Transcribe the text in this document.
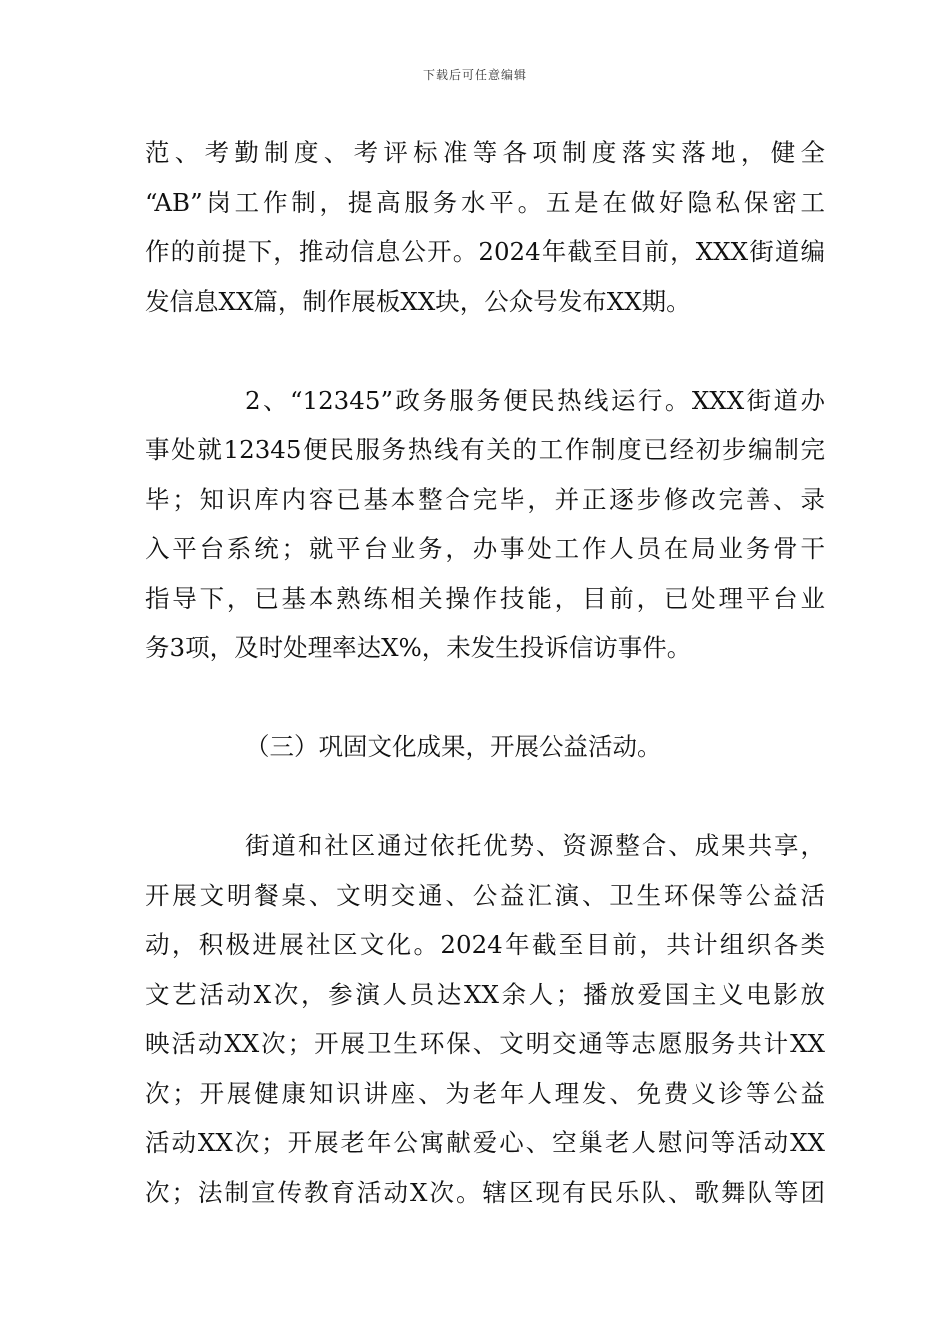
下载后可任意编辑
范、考勤制度、考评标准等各项制度落实落地，健全
“AB”岗工作制，提高服务水平。五是在做好隐私保密工
作的前提下，推动信息公开。2024年截至目前，XXX街道编
发信息XX篇，制作展板XX块，公众号发布XX期。
2、“12345”政务服务便民热线运行。XXX街道办
事处就12345便民服务热线有关的工作制度已经初步编制完
毕；知识库内容已基本整合完毕，并正逐步修改完善、录
入平台系统；就平台业务，办事处工作人员在局业务骨干
指导下，已基本熟练相关操作技能，目前，已处理平台业
务3项，及时处理率达X%，未发生投诉信访事件。
（三）巩固文化成果，开展公益活动。
街道和社区通过依托优势、资源整合、成果共享，
开展文明餐桌、文明交通、公益汇演、卫生环保等公益活
动，积极进展社区文化。2024年截至目前，共计组织各类
文艺活动X次，参演人员达XX余人；播放爱国主义电影放
映活动XX次；开展卫生环保、文明交通等志愿服务共计XX
次；开展健康知识讲座、为老年人理发、免费义诊等公益
活动XX次；开展老年公寓献爱心、空巢老人慰问等活动XX
次；法制宣传教育活动X次。辖区现有民乐队、歌舞队等团
